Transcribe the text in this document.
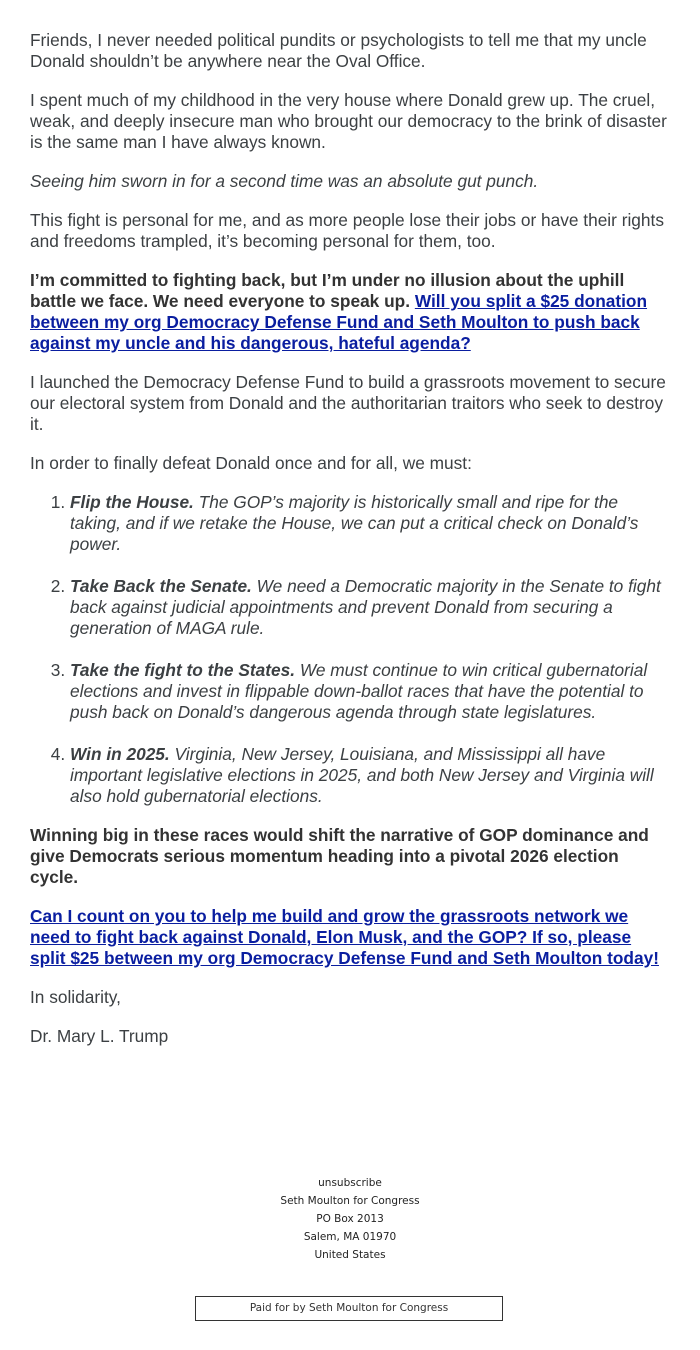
Friends, I never needed political pundits or psychologists to tell me that my uncle Donald shouldn’t be anywhere near the Oval Office.

I spent much of my childhood in the very house where Donald grew up. The cruel, weak, and deeply insecure man who brought our democracy to the brink of disaster is the same man I have always known.

Seeing him sworn in for a second time was an absolute gut punch.

This fight is personal for me, and as more people lose their jobs or have their rights and freedoms trampled, it’s becoming personal for them, too.

I’m committed to fighting back, but I’m under no illusion about the uphill battle we face. We need everyone to speak up. Will you split a $25 donation between my org Democracy Defense Fund and Seth Moulton to push back against my uncle and his dangerous, hateful agenda?

I launched the Democracy Defense Fund to build a grassroots movement to secure our electoral system from Donald and the authoritarian traitors who seek to destroy it.

In order to finally defeat Donald once and for all, we must:

1. Flip the House. The GOP’s majority is historically small and ripe for the taking, and if we retake the House, we can put a critical check on Donald’s power.
2. Take Back the Senate. We need a Democratic majority in the Senate to fight back against judicial appointments and prevent Donald from securing a generation of MAGA rule.
3. Take the fight to the States. We must continue to win critical gubernatorial elections and invest in flippable down-ballot races that have the potential to push back on Donald’s dangerous agenda through state legislatures.
4. Win in 2025. Virginia, New Jersey, Louisiana, and Mississippi all have important legislative elections in 2025, and both New Jersey and Virginia will also hold gubernatorial elections.

Winning big in these races would shift the narrative of GOP dominance and give Democrats serious momentum heading into a pivotal 2026 election cycle.

Can I count on you to help me build and grow the grassroots network we need to fight back against Donald, Elon Musk, and the GOP? If so, please split $25 between my org Democracy Defense Fund and Seth Moulton today!

In solidarity,

Dr. Mary L. Trump

unsubscribe
Seth Moulton for Congress
PO Box 2013
Salem, MA 01970
United States
Paid for by Seth Moulton for Congress
